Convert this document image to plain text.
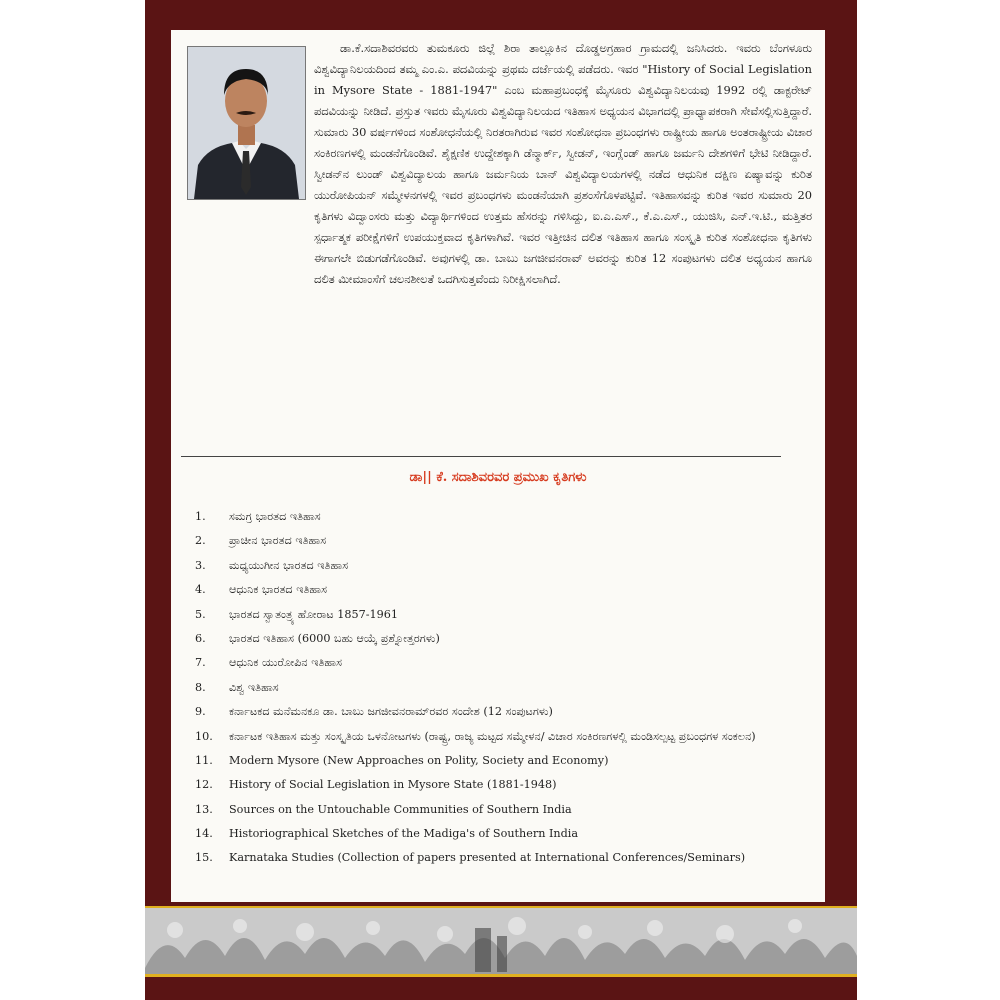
ಡಾ.ಕೆ.ಸದಾಶಿವರವರು ತುಮಕೂರು ಜಿಲ್ಲೆ ಶಿರಾ ತಾಲ್ಲೂಕಿನ ದೊಡ್ಡಅಗ್ರಹಾರ ಗ್ರಾಮದಲ್ಲಿ ಜನಿಸಿದರು. ಇವರು ಬೆಂಗಳೂರು ವಿಶ್ವವಿದ್ಯಾನಿಲಯದಿಂದ ತಮ್ಮ ಎಂ.ಎ. ಪದವಿಯನ್ನು ಪ್ರಥಮ ದರ್ಜೆಯಲ್ಲಿ ಪಡೆದರು. ಇವರ "History of Social Legislation in Mysore State - 1881-1947" ಎಂಬ ಮಹಾಪ್ರಬಂಧಕ್ಕೆ ಮೈಸೂರು ವಿಶ್ವವಿದ್ಯಾನಿಲಯವು 1992 ರಲ್ಲಿ ಡಾಕ್ಟರೇಟ್ ಪದವಿಯನ್ನು ನೀಡಿದೆ. ಪ್ರಸ್ತುತ ಇವರು ಮೈಸೂರು ವಿಶ್ವವಿದ್ಯಾನಿಲಯದ ಇತಿಹಾಸ ಅಧ್ಯಯನ ವಿಭಾಗದಲ್ಲಿ ಪ್ರಾಧ್ಯಾಪಕರಾಗಿ ಸೇವೆಸಲ್ಲಿಸುತ್ತಿದ್ದಾರೆ. ಸುಮಾರು 30 ವರ್ಷಗಳಿಂದ ಸಂಶೋಧನೆಯಲ್ಲಿ ನಿರತರಾಗಿರುವ ಇವರ ಸಂಶೋಧನಾ ಪ್ರಬಂಧಗಳು ರಾಷ್ಟ್ರೀಯ ಹಾಗೂ ಅಂತರಾಷ್ಟ್ರೀಯ ವಿಚಾರ ಸಂಕಿರಣಗಳಲ್ಲಿ ಮಂಡನೆಗೊಂಡಿವೆ. ಶೈಕ್ಷಣಿಕ ಉದ್ದೇಶಕ್ಕಾಗಿ ಡೆನ್ಮಾರ್ಕ್, ಸ್ವೀಡನ್, ಇಂಗ್ಲೆಂಡ್ ಹಾಗೂ ಜರ್ಮನಿ ದೇಶಗಳಿಗೆ ಭೇಟಿ ನೀಡಿದ್ದಾರೆ. ಸ್ವೀಡನ್‌ನ ಲುಂಡ್ ವಿಶ್ವವಿದ್ಯಾಲಯ ಹಾಗೂ ಜರ್ಮನಿಯ ಬಾನ್ ವಿಶ್ವವಿದ್ಯಾಲಯಗಳಲ್ಲಿ ನಡೆದ ಆಧುನಿಕ ದಕ್ಷಿಣ ಏಷ್ಯಾವನ್ನು ಕುರಿತ ಯುರೋಪಿಯನ್ ಸಮ್ಮೇಳನಗಳಲ್ಲಿ ಇವರ ಪ್ರಬಂಧಗಳು ಮಂಡನೆಯಾಗಿ ಪ್ರಶಂಸೆಗೊಳಪಟ್ಟಿವೆ. ಇತಿಹಾಸವನ್ನು ಕುರಿತ ಇವರ ಸುಮಾರು 20 ಕೃತಿಗಳು ವಿದ್ವಾಂಸರು ಮತ್ತು ವಿದ್ಯಾರ್ಥಿಗಳಿಂದ ಉತ್ತಮ ಹೆಸರನ್ನು ಗಳಿಸಿದ್ದು, ಐ.ಎ.ಎಸ್., ಕೆ.ಎ.ಎಸ್., ಯುಜಿಸಿ, ಎನ್.ಇ.ಟಿ., ಮತ್ತಿತರ ಸ್ಪರ್ಧಾತ್ಮಕ ಪರೀಕ್ಷೆಗಳಿಗೆ ಉಪಯುಕ್ತವಾದ ಕೃತಿಗಳಾಗಿವೆ. ಇವರ ಇತ್ತೀಚಿನ ದಲಿತ ಇತಿಹಾಸ ಹಾಗೂ ಸಂಸ್ಕೃತಿ ಕುರಿತ ಸಂಶೋಧನಾ ಕೃತಿಗಳು ಈಗಾಗಲೇ ಬಿಡುಗಡೆಗೊಂಡಿವೆ. ಅವುಗಳಲ್ಲಿ ಡಾ. ಬಾಬು ಜಗಜೀವನರಾವ್ ಅವರನ್ನು ಕುರಿತ 12 ಸಂಪುಟಗಳು ದಲಿತ ಅಧ್ಯಯನ ಹಾಗೂ ದಲಿತ ಮೀಮಾಂಸೆಗೆ ಚಲನಶೀಲತೆ ಒದಗಿಸುತ್ತವೆಂದು ನಿರೀಕ್ಷಿಸಲಾಗಿದೆ.

ಡಾ|| ಕೆ. ಸದಾಶಿವರವರ ಪ್ರಮುಖ ಕೃತಿಗಳು
1.	ಸಮಗ್ರ ಭಾರತದ ಇತಿಹಾಸ
2.	ಪ್ರಾಚೀನ ಭಾರತದ ಇತಿಹಾಸ
3.	ಮಧ್ಯಯುಗೀನ ಭಾರತದ ಇತಿಹಾಸ
4.	ಆಧುನಿಕ ಭಾರತದ ಇತಿಹಾಸ
5.	ಭಾರತದ ಸ್ವಾತಂತ್ರ್ಯ ಹೋರಾಟ 1857-1961
6.	ಭಾರತದ ಇತಿಹಾಸ (6000 ಬಹು ಆಯ್ಕೆ ಪ್ರಶ್ನೋತ್ತರಗಳು)
7.	ಆಧುನಿಕ ಯುರೋಪಿನ ಇತಿಹಾಸ
8.	ವಿಶ್ವ ಇತಿಹಾಸ
9.	ಕರ್ನಾಟಕದ ಮನೆಮನಕೂ ಡಾ. ಬಾಬು ಜಗಜೀವನರಾಮ್‌ರವರ ಸಂದೇಶ (12 ಸಂಪುಟಗಳು)
10.	ಕರ್ನಾಟಕ ಇತಿಹಾಸ ಮತ್ತು ಸಂಸ್ಕೃತಿಯ ಒಳನೋಟಗಳು (ರಾಷ್ಟ್ರ, ರಾಜ್ಯ ಮಟ್ಟದ ಸಮ್ಮೇಳನ/ ವಿಚಾರ ಸಂಕಿರಣಗಳಲ್ಲಿ ಮಂಡಿಸಲ್ಪಟ್ಟ ಪ್ರಬಂಧಗಳ ಸಂಕಲನ)
11.	Modern Mysore (New Approaches on Polity, Society and Economy)
12.	History of Social Legislation in Mysore State (1881-1948)
13.	Sources on the Untouchable Communities of Southern India
14.	Historiographical Sketches of the Madiga's of Southern India
15.	Karnataka Studies (Collection of papers presented at International Conferences/Seminars)
